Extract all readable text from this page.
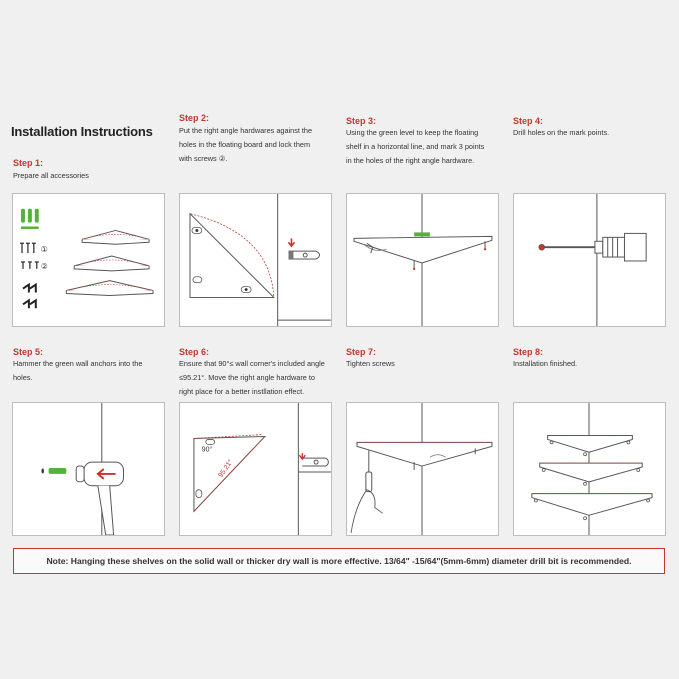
Installation Instructions
Step 1:
Prepare all accessories
Step 2:
Put the right angle hardwares against the
holes in the floating board and lock them
with screws ②.
Step 3:
Using the green level to keep the floating
shelf in a horizontal line, and mark 3 points
in the holes of the right angle hardware.
Step 4:
Drill holes on the mark points.
Step 5:
Hammer the green wall anchors into the
holes.
Step 6:
Ensure that 90°≤ wall corner's included angle
≤95.21°. Move the right angle hardware to
right place for a better instllation effect.
Step 7:
Tighten screws
Step 8:
Installation finished.
①
②
90°
95.21°
Note: Hanging these shelves on the solid wall or thicker dry wall is more effective. 13/64" -15/64"(5mm-6mm) diameter drill bit is recommended.
